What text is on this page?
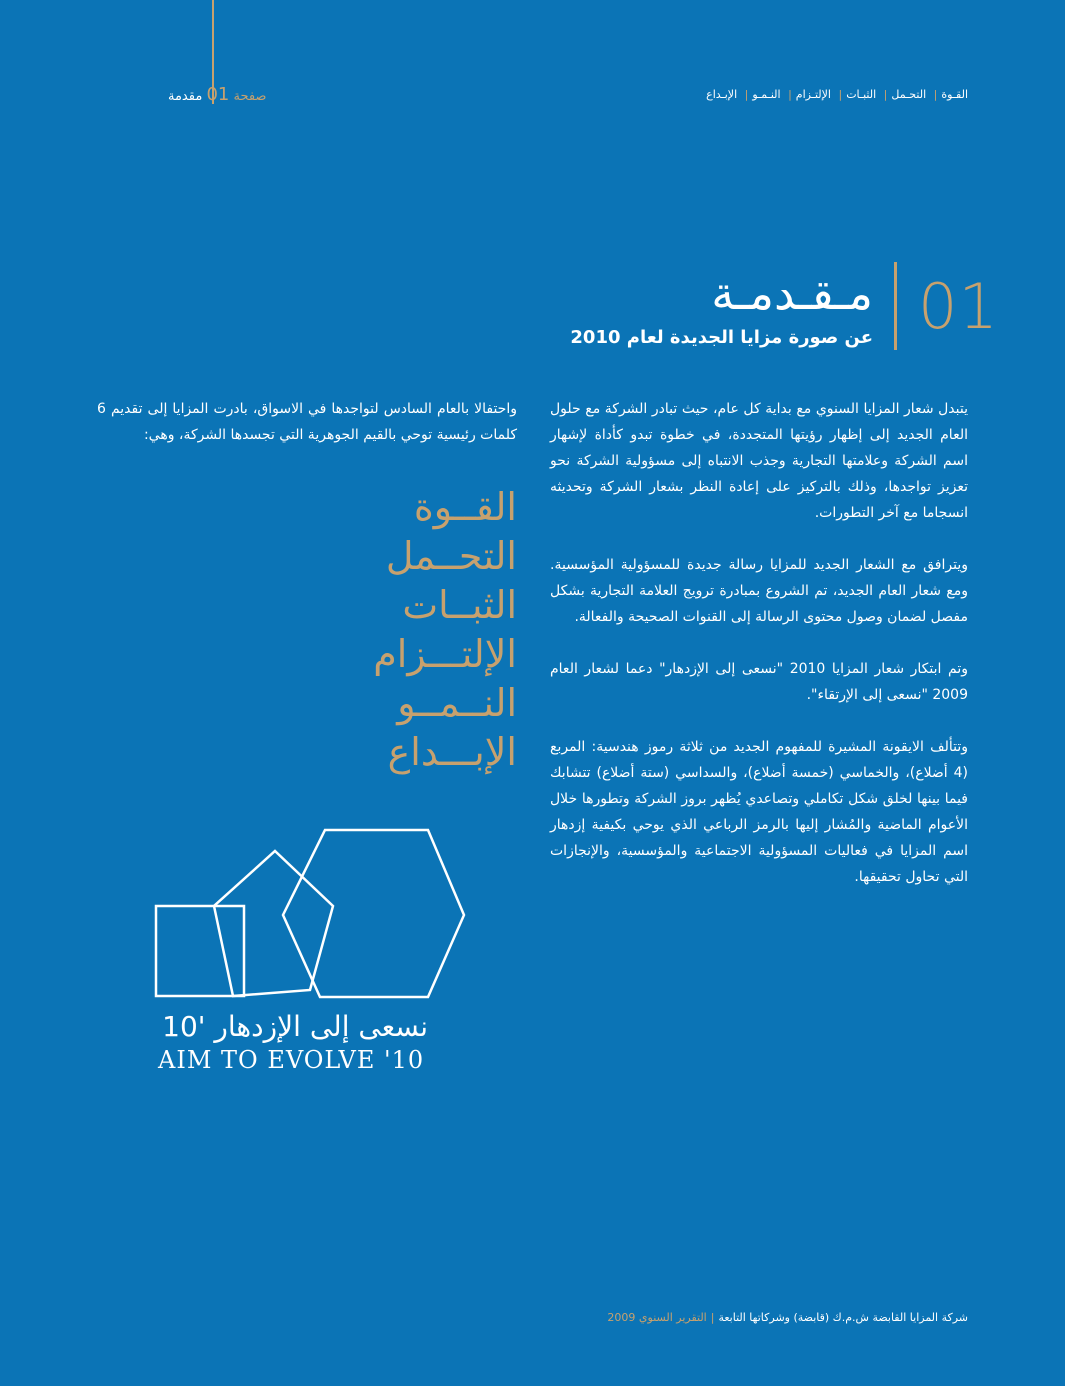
صفحة 01 مقدمة	القـوة| التحـمل| الثبـات| الإلتـزام| النـمـو| الإبـداع
01
مـقـدمـة
عن صورة مزايا الجديدة لعام 2010

يتبدل شعار المزايا السنوي مع بداية كل عام، حيث تبادر الشركة مع حلول العام الجديد إلى إظهار رؤيتها المتجددة، في خطوة تبدو كأداة لإشهار اسم الشركة وعلامتها التجارية وجذب الانتباه إلى مسؤولية الشركة نحو تعزيز تواجدها، وذلك بالتركيز على إعادة النظر بشعار الشركة وتحديثه انسجاما مع آخر التطورات.

ويترافق مع الشعار الجديد للمزايا رسالة جديدة للمسؤولية المؤسسية. ومع شعار العام الجديد، تم الشروع بمبادرة ترويج العلامة التجارية بشكل مفصل لضمان وصول محتوى الرسالة إلى القنوات الصحيحة والفعالة.

وتم ابتكار شعار المزايا 2010 "نسعى إلى الإزدهار" دعما لشعار العام 2009 "نسعى إلى الإرتقاء".

وتتألف الايقونة المشيرة للمفهوم الجديد من ثلاثة رموز هندسية: المربع (4 أضلاع)، والخماسي (خمسة أضلاع)، والسداسي (ستة أضلاع) تتشابك فيما بينها لخلق شكل تكاملي وتصاعدي يُظهر بروز الشركة وتطورها خلال الأعوام الماضية والمُشار إليها بالرمز الرباعي الذي يوحي بكيفية إزدهار اسم المزايا في فعاليات المسؤولية الاجتماعية والمؤسسية، والإنجازات التي تحاول تحقيقها.

واحتفالا بالعام السادس لتواجدها في الاسواق، بادرت المزايا إلى تقديم 6 كلمات رئيسية توحي بالقيم الجوهرية التي تجسدها الشركة، وهي:

القــوة
التحــمل
الثبــات
الإلتـــزام
النــمــو
الإبـــداع
نسعى إلى الإزدهار '10
AIM TO EVOLVE '10
شركة المزايا القابضة ش.م.ك (قابضة) وشركاتها التابعة|التقرير السنوي 2009
